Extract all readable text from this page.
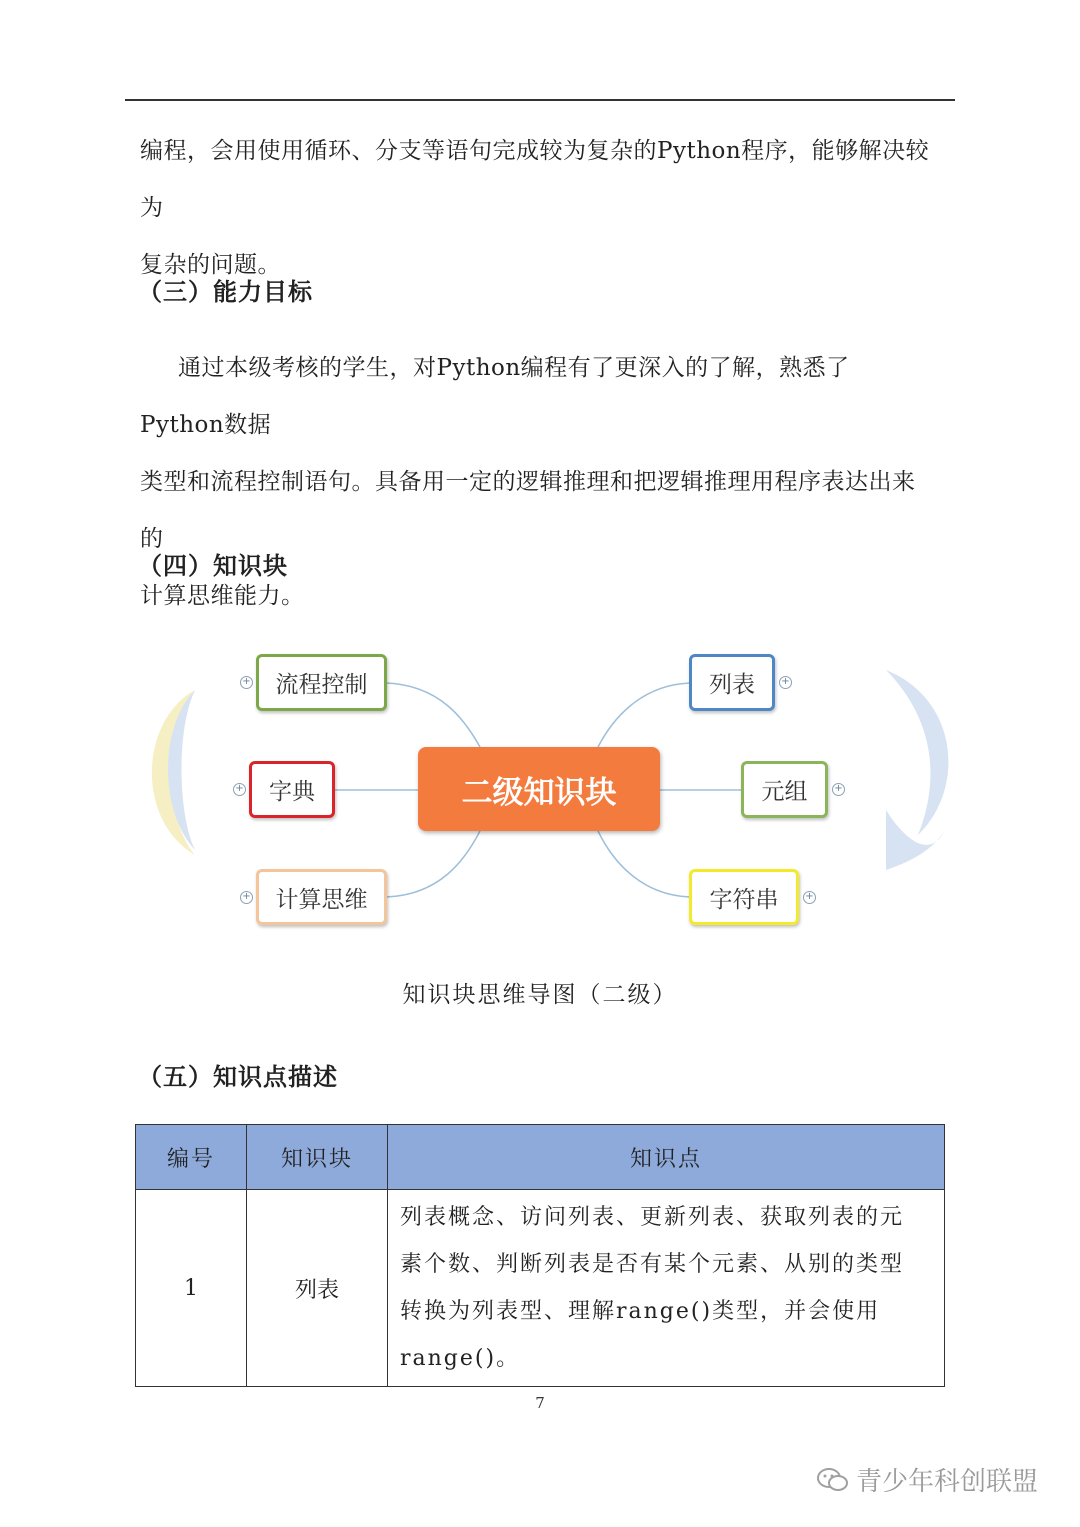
编程，会用使用循环、分支等语句完成较为复杂的Python程序，能够解决较为
复杂的问题。

（三）能力目标

通过本级考核的学生，对Python编程有了更深入的了解，熟悉了Python数据
类型和流程控制语句。具备用一定的逻辑推理和把逻辑推理用程序表达出来的
计算思维能力。

（四）知识块
二级知识块
流程控制
字典
计算思维
列表
元组
字符串
+
+
+
+
+
+
知识块思维导图（二级）
（五）知识点描述
编号	知识块	知识点
1	列表	列表概念、访问列表、更新列表、获取列表的元
素个数、判断列表是否有某个元素、从别的类型
转换为列表型、理解range()类型，并会使用
range()。
7
青少年科创联盟
